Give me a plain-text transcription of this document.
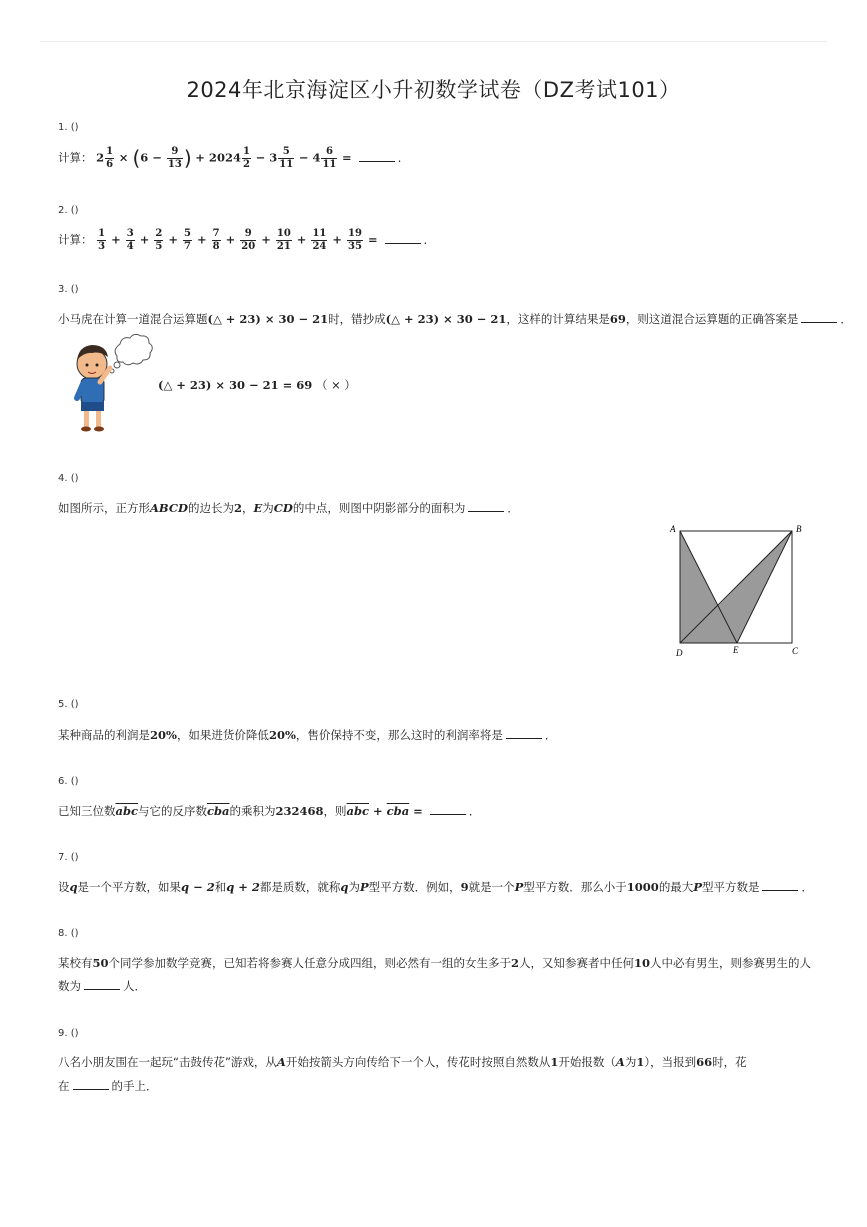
2024年北京海淀区小升初数学试卷（DZ考试101）
1. ()
计算： $2 \frac{1}{6} \times (6 - \frac{9}{13}$ ) + $2024 \frac{1}{2} - 3 \frac{5}{11} - 4 \frac{6}{11}$ =	．
2. ()
计算： $\frac{1}{3} + \frac{3}{4} + \frac{2}{5} + \frac{5}{7} + \frac{7}{8} + \frac{9}{20} + \frac{10}{21} + \frac{11}{24} + \frac{19}{35}$ =	．
3. ()
小马虎在计算一道混合运算题(△ + 23) × 30 − 21时，错抄成(△ + 23) × 30 − 21，这样的计算结果是69，则这道混合运算题的正确答案是	．
(△ + 23) × 30 − 21 = 69 （ × ）
4. ()
如图所示，正方形ABCD的边长为2，E为CD的中点，则图中阴影部分的面积为	．
A	B
C
D	E
5. ()
某种商品的利润是20%，如果进货价降低20%，售价保持不变，那么这时的利润率将是	．
6. ()
已知三位数$\overline{abc}$与它的反序数$\overline{cba}$的乘积为232468，则$\overline{abc} + \overline{cba}$ =	．
7. ()
设q是一个平方数，如果q − 2和q + 2都是质数，就称q为P型平方数．例如，9就是一个P型平方数．那么小于1000的最大P型平方数是	．
8. ()
某校有50个同学参加数学竞赛，已知若将参赛人任意分成四组，则必然有一组的女生多于2人，又知参赛者中任何10人中必有男生，则参赛男生的人
数为	人．
9. ()
八名小朋友围在一起玩“击鼓传花”游戏，从A开始按箭头方向传给下一个人，传花时按照自然数从1开始报数（A为1），当报到66时，花
在	的手上．
